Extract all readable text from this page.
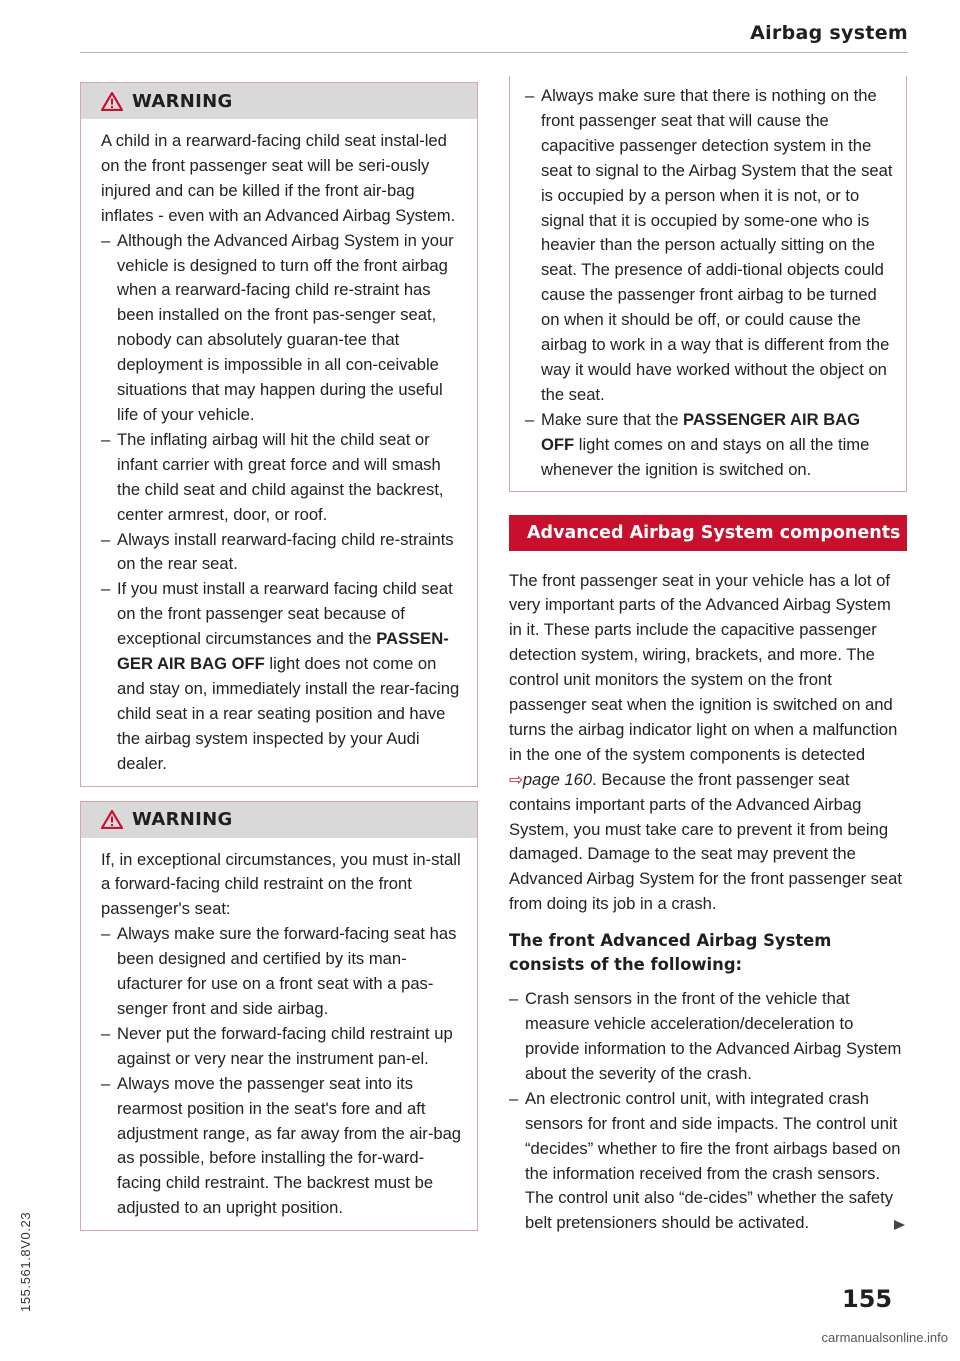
Airbag system
WARNING

A child in a rearward-facing child seat instal-led on the front passenger seat will be seri-ously injured and can be killed if the front air-bag inflates - even with an Advanced Airbag System.

– Although the Advanced Airbag System in your vehicle is designed to turn off the front airbag when a rearward-facing child re-straint has been installed on the front pas-senger seat, nobody can absolutely guaran-tee that deployment is impossible in all con-ceivable situations that may happen during the useful life of your vehicle.
– The inflating airbag will hit the child seat or infant carrier with great force and will smash the child seat and child against the backrest, center armrest, door, or roof.
– Always install rearward-facing child re-straints on the rear seat.
– If you must install a rearward facing child seat on the front passenger seat because of exceptional circumstances and the PASSEN-GER AIR BAG OFF light does not come on and stay on, immediately install the rear-facing child seat in a rear seating position and have the airbag system inspected by your Audi dealer.
WARNING

If, in exceptional circumstances, you must in-stall a forward-facing child restraint on the front passenger's seat:

– Always make sure the forward-facing seat has been designed and certified by its man-ufacturer for use on a front seat with a pas-senger front and side airbag.
– Never put the forward-facing child restraint up against or very near the instrument pan-el.
– Always move the passenger seat into its rearmost position in the seat's fore and aft adjustment range, as far away from the air-bag as possible, before installing the for-ward-facing child restraint. The backrest must be adjusted to an upright position.
– Always make sure that there is nothing on the front passenger seat that will cause the capacitive passenger detection system in the seat to signal to the Airbag System that the seat is occupied by a person when it is not, or to signal that it is occupied by some-one who is heavier than the person actually sitting on the seat. The presence of addi-tional objects could cause the passenger front airbag to be turned on when it should be off, or could cause the airbag to work in a way that is different from the way it would have worked without the object on the seat.
– Make sure that the PASSENGER AIR BAG OFF light comes on and stays on all the time whenever the ignition is switched on.
Advanced Airbag System components

The front passenger seat in your vehicle has a lot of very important parts of the Advanced Airbag System in it. These parts include the capacitive passenger detection system, wiring, brackets, and more. The control unit monitors the system on the front passenger seat when the ignition is switched on and turns the airbag indicator light on when a malfunction in the one of the system components is detected ⇨page 160. Because the front passenger seat contains important parts of the Advanced Airbag System, you must take care to prevent it from being damaged. Damage to the seat may prevent the Advanced Airbag System for the front passenger seat from doing its job in a crash.

The front Advanced Airbag System consists of the following:
– Crash sensors in the front of the vehicle that measure vehicle acceleration/deceleration to provide information to the Advanced Airbag System about the severity of the crash.
– An electronic control unit, with integrated crash sensors for front and side impacts. The control unit “decides” whether to fire the front airbags based on the information received from the crash sensors. The control unit also “de-cides” whether the safety belt pretensioners should be activated.
155
155.561.8V0.23
carmanualsonline.info
